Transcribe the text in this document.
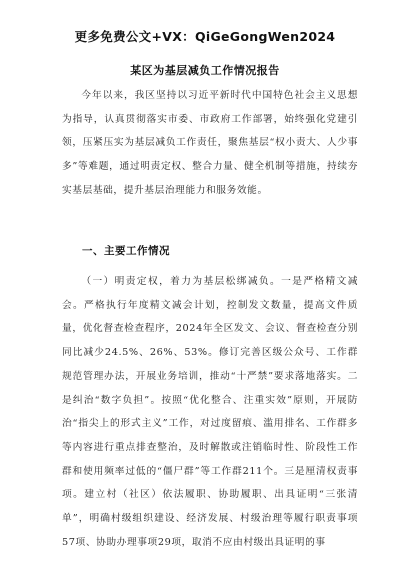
更多免费公文+VX：QiGeGongWen2024
某区为基层减负工作情况报告
今年以来，我区坚持以习近平新时代中国特色社会主义思想为指导，认真贯彻落实市委、市政府工作部署，始终强化党建引领，压紧压实为基层减负工作责任，聚焦基层“权小责大、人少事多”等难题，通过明责定权、整合力量、健全机制等措施，持续夯实基层基础，提升基层治理能力和服务效能。
一、主要工作情况
（一）明责定权，着力为基层松绑减负。一是严格精文减会。严格执行年度精文减会计划，控制发文数量，提高文件质量，优化督查检查程序，2024年全区发文、会议、督查检查分别同比减少24.5%、26%、53%。修订完善区级公众号、工作群规范管理办法，开展业务培训，推动“十严禁”要求落地落实。二是纠治“数字负担”。按照“优化整合、注重实效”原则，开展防治“指尖上的形式主义”工作，对过度留痕、滥用排名、工作群多等内容进行重点排查整治，及时解散或注销临时性、阶段性工作群和使用频率过低的“僵尸群”等工作群211个。三是厘清权责事项。建立村（社区）依法履职、协助履职、出具证明“三张清单”，明确村级组织建设、经济发展、村级治理等履行职责事项57项、协助办理事项29项，取消不应由村级出具证明的事
